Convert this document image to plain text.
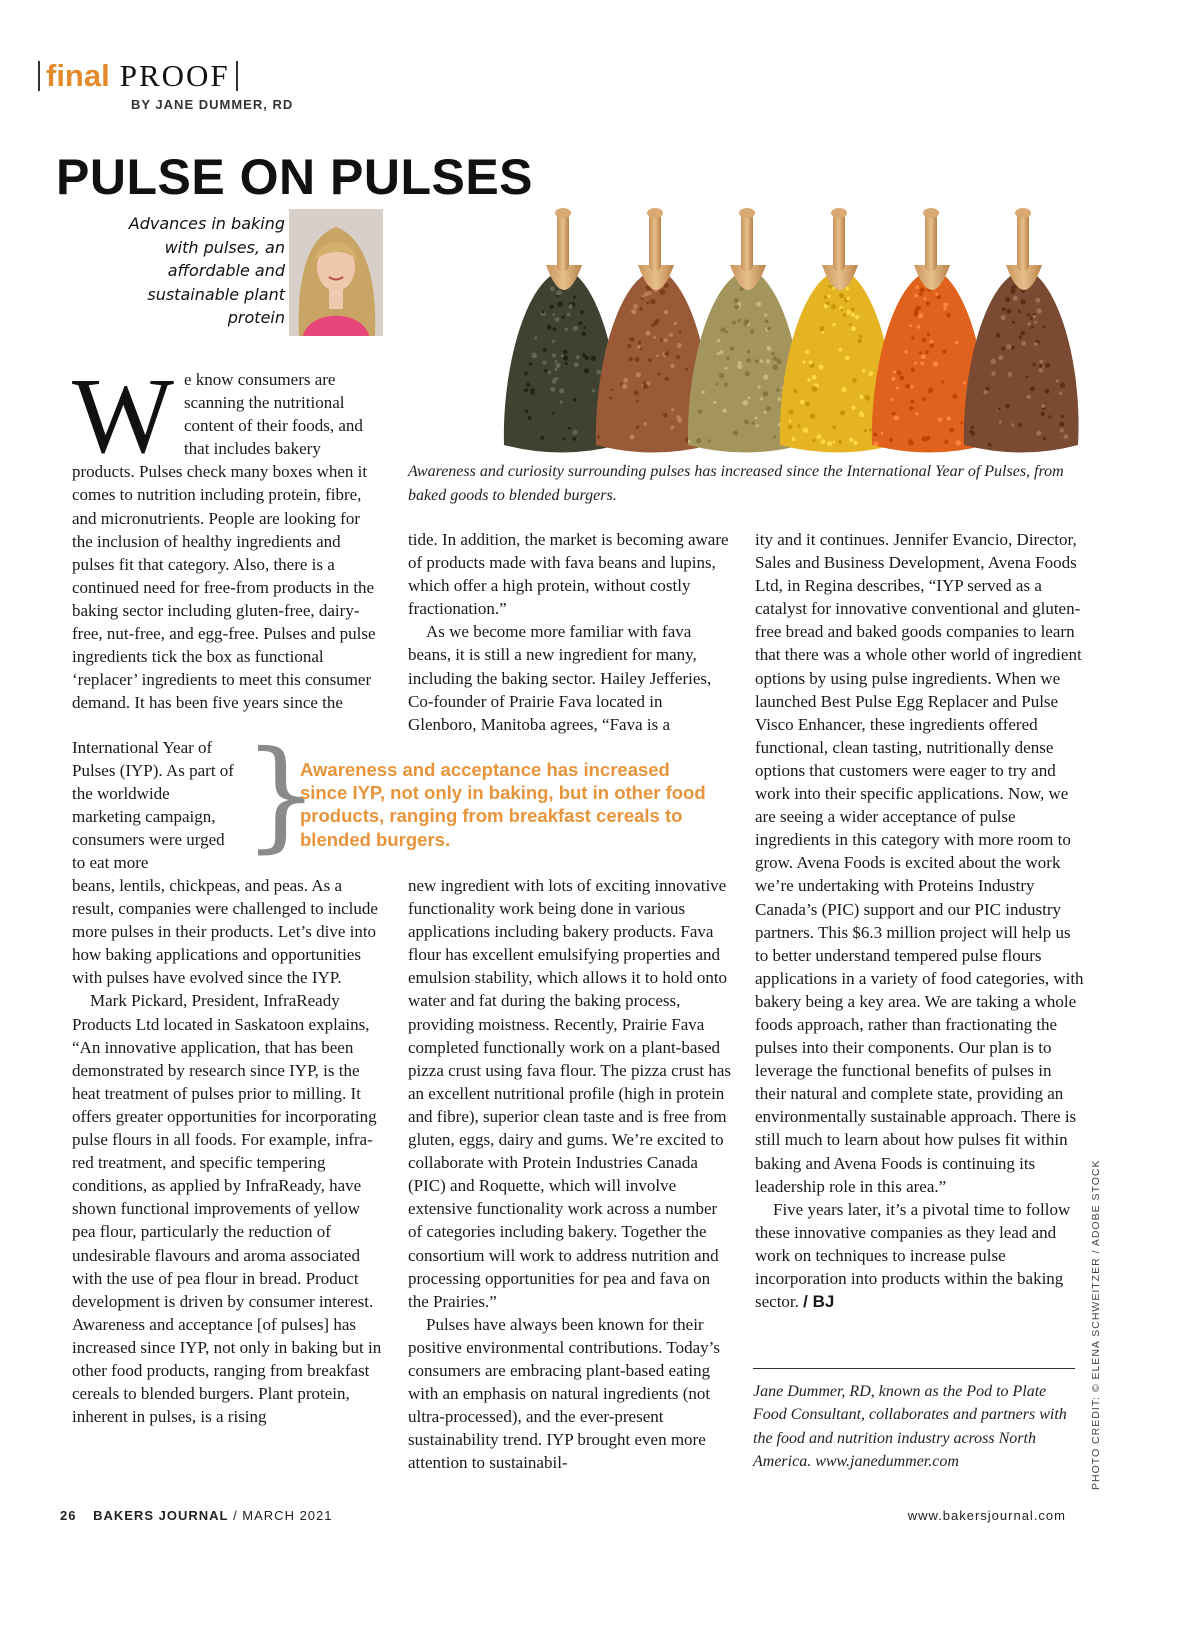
final PROOF
BY JANE DUMMER, RD
PULSE ON PULSES
Advances in baking with pulses, an affordable and sustainable plant protein
Awareness and curiosity surrounding pulses has increased since the International Year of Pulses, from baked goods to blended burgers.
W e know consumers are scanning the nutritional content of their foods, and that includes bakery products. Pulses check many boxes when it comes to nutrition including protein, fibre, and micronutrients. People are looking for the inclusion of healthy ingredients and pulses fit that category. Also, there is a continued need for free-from products in the baking sector including gluten-free, dairy-free, nut-free, and egg-free. Pulses and pulse ingredients tick the box as functional ‘replacer’ ingredients to meet this consumer demand. It has been five years since the

International Year of Pulses (IYP). As part of the worldwide marketing campaign, consumers were urged to eat more

beans, lentils, chickpeas, and peas. As a result, companies were challenged to include more pulses in their products. Let’s dive into how baking applications and opportunities with pulses have evolved since the IYP.

Mark Pickard, President, InfraReady Products Ltd located in Saskatoon explains, “An innovative application, that has been demonstrated by research since IYP, is the heat treatment of pulses prior to milling. It offers greater opportunities for incorporating pulse flours in all foods. For example, infra-red treatment, and specific tempering conditions, as applied by InfraReady, have shown functional improvements of yellow pea flour, particularly the reduction of undesirable flavours and aroma associated with the use of pea flour in bread. Product development is driven by consumer interest. Awareness and acceptance [of pulses] has increased since IYP, not only in baking but in other food products, ranging from breakfast cereals to blended burgers. Plant protein, inherent in pulses, is a rising

}
Awareness and acceptance has increased since IYP, not only in baking, but in other food products, ranging from breakfast cereals to blended burgers.

tide. In addition, the market is becoming aware of products made with fava beans and lupins, which offer a high protein, without costly fractionation.”

As we become more familiar with fava beans, it is still a new ingredient for many, including the baking sector. Hailey Jefferies, Co-founder of Prairie Fava located in Glenboro, Manitoba agrees, “Fava is a

new ingredient with lots of exciting innovative functionality work being done in various applications including bakery products. Fava flour has excellent emulsifying properties and emulsion stability, which allows it to hold onto water and fat during the baking process, providing moistness. Recently, Prairie Fava completed functionally work on a plant-based pizza crust using fava flour. The pizza crust has an excellent nutritional profile (high in protein and fibre), superior clean taste and is free from gluten, eggs, dairy and gums. We’re excited to collaborate with Protein Industries Canada (PIC) and Roquette, which will involve extensive functionality work across a number of categories including bakery. Together the consortium will work to address nutrition and processing opportunities for pea and fava on the Prairies.”

Pulses have always been known for their positive environmental contributions. Today’s consumers are embracing plant-based eating with an emphasis on natural ingredients (not ultra-processed), and the ever-present sustainability trend. IYP brought even more attention to sustainabil-

ity and it continues. Jennifer Evancio, Director, Sales and Business Development, Avena Foods Ltd, in Regina describes, “IYP served as a catalyst for innovative conventional and gluten-free bread and baked goods companies to learn that there was a whole other world of ingredient options by using pulse ingredients. When we launched Best Pulse Egg Replacer and Pulse Visco Enhancer, these ingredients offered functional, clean tasting, nutritionally dense options that customers were eager to try and work into their specific applications. Now, we are seeing a wider acceptance of pulse ingredients in this category with more room to grow. Avena Foods is excited about the work we’re undertaking with Proteins Industry Canada’s (PIC) support and our PIC industry partners. This $6.3 million project will help us to better understand tempered pulse flours applications in a variety of food categories, with bakery being a key area. We are taking a whole foods approach, rather than fractionating the pulses into their components. Our plan is to leverage the functional benefits of pulses in their natural and complete state, providing an environmentally sustainable approach. There is still much to learn about how pulses fit within baking and Avena Foods is continuing its leadership role in this area.”

Five years later, it’s a pivotal time to follow these innovative companies as they lead and work on techniques to increase pulse incorporation into products within the baking sector. / BJ

Jane Dummer, RD, known as the Pod to Plate Food Consultant, collaborates and partners with the food and nutrition industry across North America. www.janedummer.com	PHOTO CREDIT: © ELENA SCHWEITZER / ADOBE STOCK
26 BAKERS JOURNAL / MARCH 2021	www.bakersjournal.com
